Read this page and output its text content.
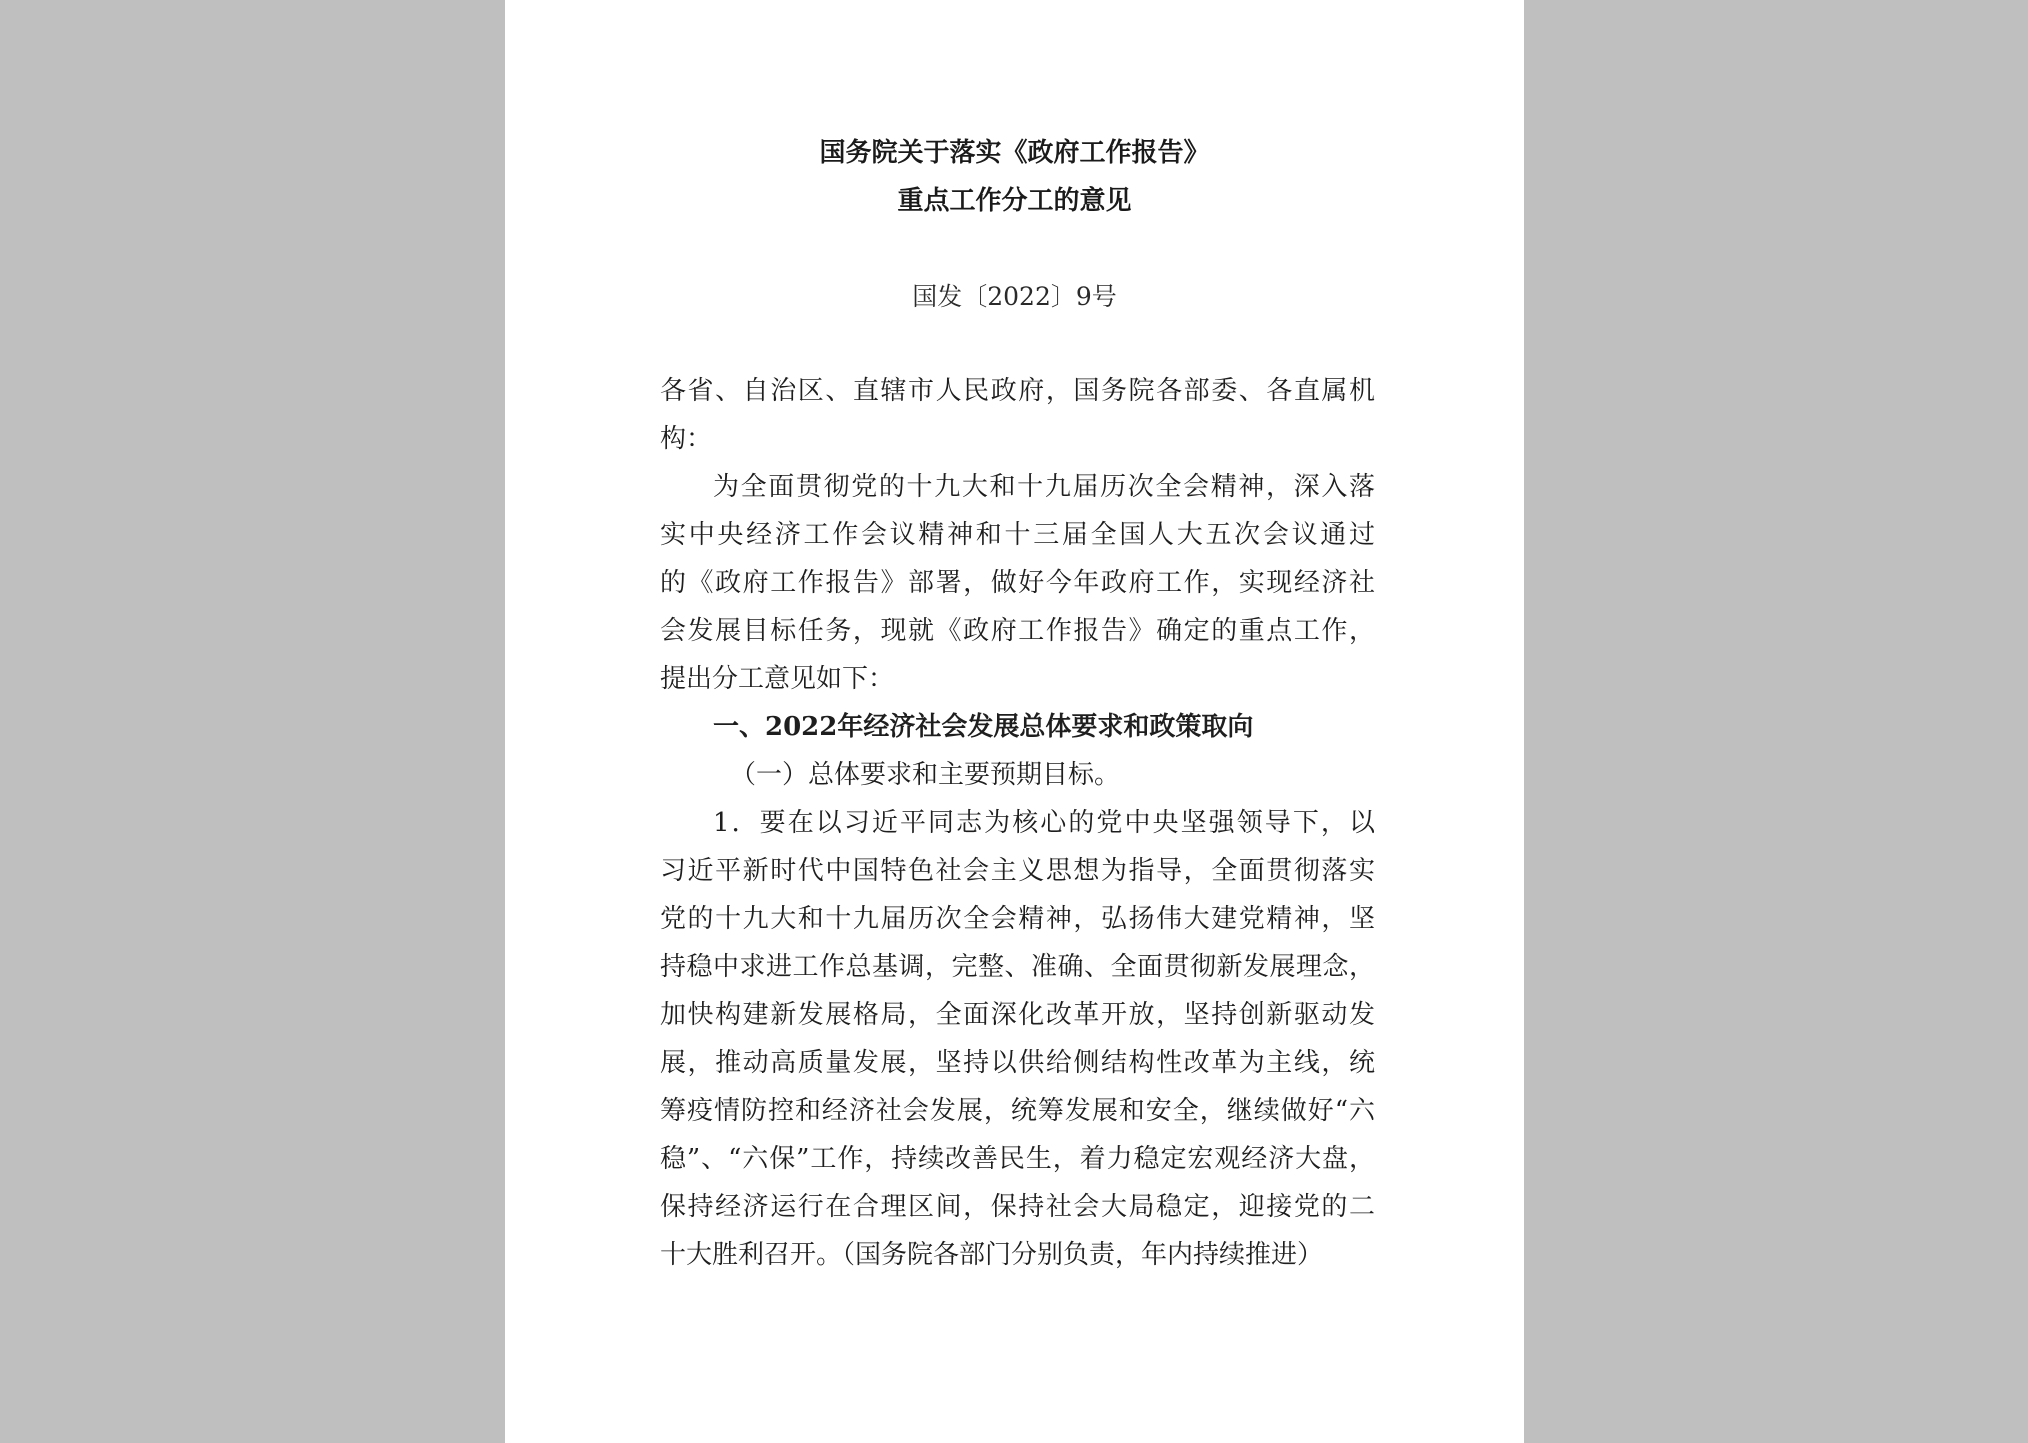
国务院关于落实《政府工作报告》
重点工作分工的意见
国发〔2022〕9号
各省、自治区、直辖市人民政府，国务院各部委、各直属机
构：
为全面贯彻党的十九大和十九届历次全会精神，深入落
实中央经济工作会议精神和十三届全国人大五次会议通过
的《政府工作报告》部署，做好今年政府工作，实现经济社
会发展目标任务，现就《政府工作报告》确定的重点工作，
提出分工意见如下：
一、2022年经济社会发展总体要求和政策取向
（一）总体要求和主要预期目标。
1．要在以习近平同志为核心的党中央坚强领导下，以
习近平新时代中国特色社会主义思想为指导，全面贯彻落实
党的十九大和十九届历次全会精神，弘扬伟大建党精神，坚
持稳中求进工作总基调，完整、准确、全面贯彻新发展理念，
加快构建新发展格局，全面深化改革开放，坚持创新驱动发
展，推动高质量发展，坚持以供给侧结构性改革为主线，统
筹疫情防控和经济社会发展，统筹发展和安全，继续做好“六
稳”、“六保”工作，持续改善民生，着力稳定宏观经济大盘，
保持经济运行在合理区间，保持社会大局稳定，迎接党的二
十大胜利召开。（国务院各部门分别负责，年内持续推进）
